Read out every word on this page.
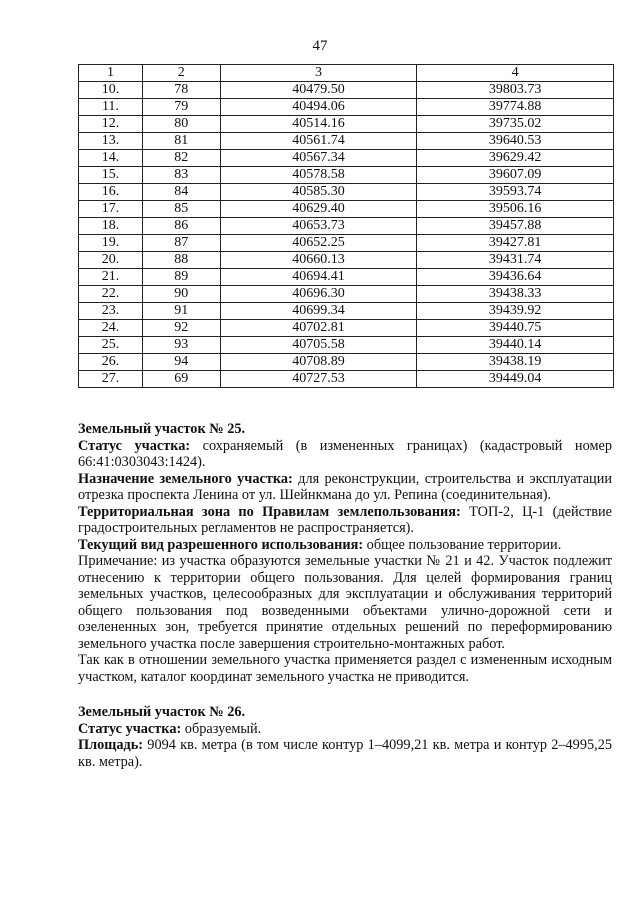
47
1	2	3	4
10.	78	40479.50	39803.73
11.	79	40494.06	39774.88
12.	80	40514.16	39735.02
13.	81	40561.74	39640.53
14.	82	40567.34	39629.42
15.	83	40578.58	39607.09
16.	84	40585.30	39593.74
17.	85	40629.40	39506.16
18.	86	40653.73	39457.88
19.	87	40652.25	39427.81
20.	88	40660.13	39431.74
21.	89	40694.41	39436.64
22.	90	40696.30	39438.33
23.	91	40699.34	39439.92
24.	92	40702.81	39440.75
25.	93	40705.58	39440.14
26.	94	40708.89	39438.19
27.	69	40727.53	39449.04

Земельный участок № 25.

Статус участка: сохраняемый (в измененных границах) (кадастровый номер 66:41:0303043:1424).

Назначение земельного участка: для реконструкции, строительства и эксплуатации отрезка проспекта Ленина от ул. Шейнкмана до ул. Репина (соединительная).

Территориальная зона по Правилам землепользования: ТОП-2, Ц-1 (действие градостроительных регламентов не распространяется).

Текущий вид разрешенного использования: общее пользование территории.

Примечание: из участка образуются земельные участки № 21 и 42. Участок подлежит отнесению к территории общего пользования. Для целей формирования границ земельных участков, целесообразных для эксплуатации и обслуживания территорий общего пользования под возведенными объектами улично-дорожной сети и озелененных зон, требуется принятие отдельных решений по переформированию земельного участка после завершения строительно-монтажных работ.

Так как в отношении земельного участка применяется раздел с измененным исходным участком, каталог координат земельного участка не приводится.

Земельный участок № 26.

Статус участка: образуемый.

Площадь: 9094 кв. метра (в том числе контур 1–4099,21 кв. метра и контур 2–4995,25 кв. метра).
